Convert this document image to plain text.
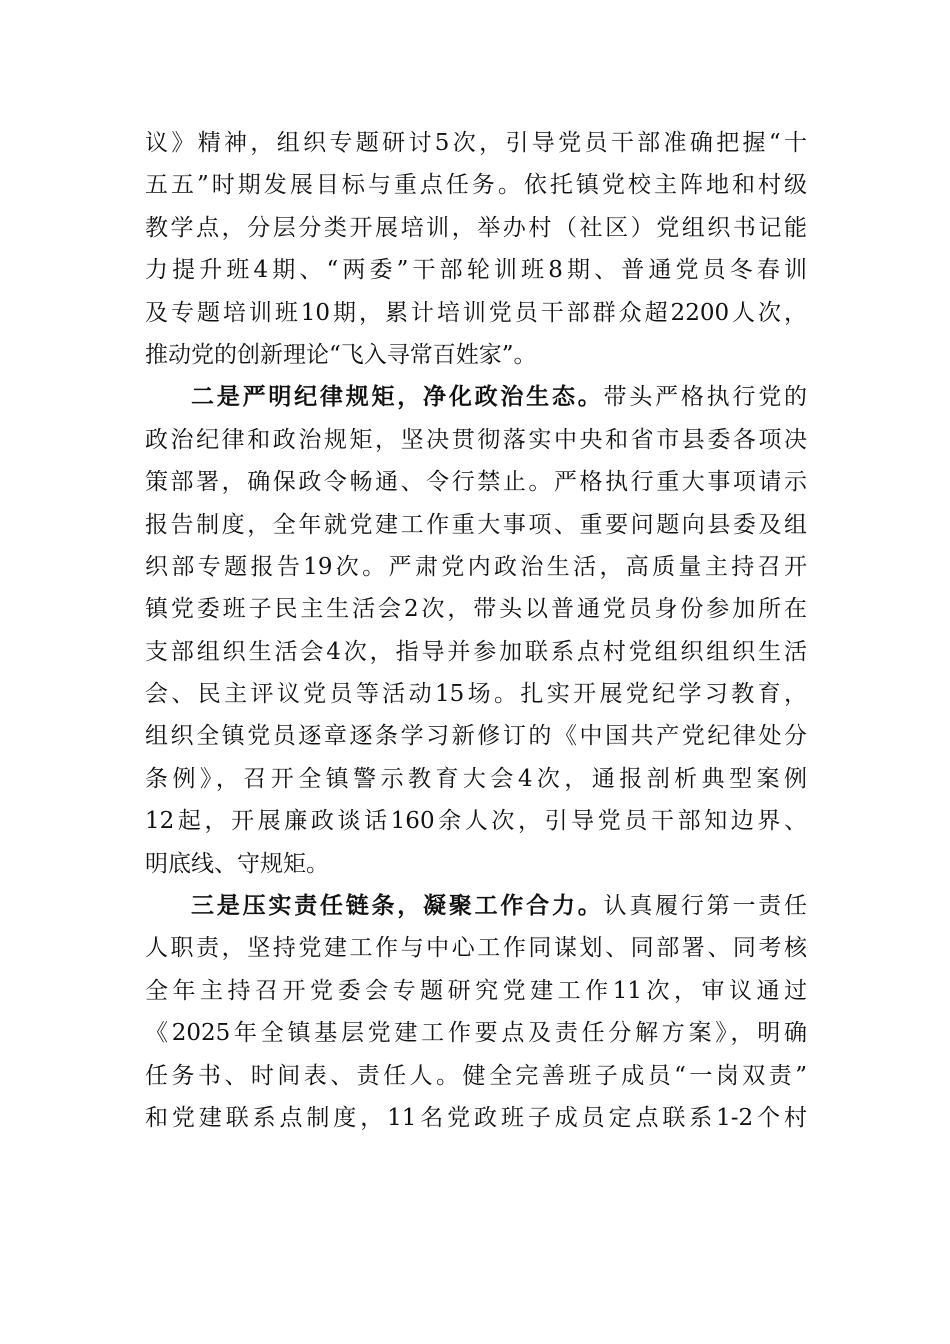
议》精神，组织专题研讨5次，引导党员干部准确把握“十
五五”时期发展目标与重点任务。依托镇党校主阵地和村级
教学点，分层分类开展培训，举办村（社区）党组织书记能
力提升班4期、“两委”干部轮训班8期、普通党员冬春训
及专题培训班10期，累计培训党员干部群众超2200人次，
推动党的创新理论“飞入寻常百姓家”。
二是严明纪律规矩，净化政治生态。带头严格执行党的
政治纪律和政治规矩，坚决贯彻落实中央和省市县委各项决
策部署，确保政令畅通、令行禁止。严格执行重大事项请示
报告制度，全年就党建工作重大事项、重要问题向县委及组
织部专题报告19次。严肃党内政治生活，高质量主持召开
镇党委班子民主生活会2次，带头以普通党员身份参加所在
支部组织生活会4次，指导并参加联系点村党组织组织生活
会、民主评议党员等活动15场。扎实开展党纪学习教育，
组织全镇党员逐章逐条学习新修订的《中国共产党纪律处分
条例》，召开全镇警示教育大会4次，通报剖析典型案例
12起，开展廉政谈话160余人次，引导党员干部知边界、
明底线、守规矩。
三是压实责任链条，凝聚工作合力。认真履行第一责任
人职责，坚持党建工作与中心工作同谋划、同部署、同考核
全年主持召开党委会专题研究党建工作11次，审议通过
《2025年全镇基层党建工作要点及责任分解方案》，明确
任务书、时间表、责任人。健全完善班子成员“一岗双责”
和党建联系点制度，11名党政班子成员定点联系1-2个村
